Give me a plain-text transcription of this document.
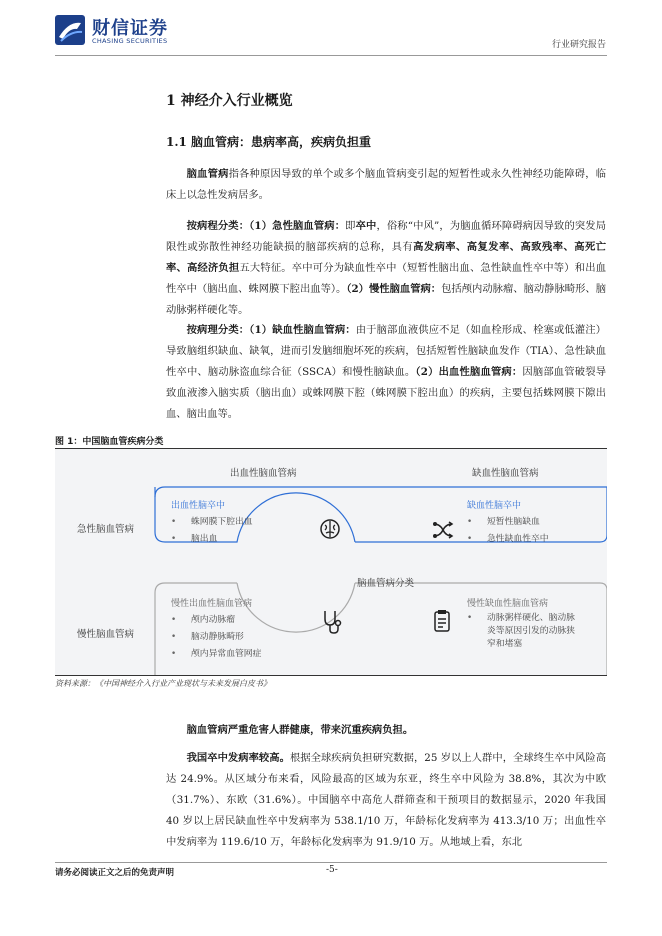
财信证券
CHASING SECURITIES	行业研究报告
1 神经介入行业概览
1.1 脑血管病：患病率高，疾病负担重

脑血管病指各种原因导致的单个或多个脑血管病变引起的短暂性或永久性神经功能障碍，临床上以急性发病居多。

按病程分类：（1）急性脑血管病：即卒中，俗称“中风”，为脑血循环障碍病因导致的突发局限性或弥散性神经功能缺损的脑部疾病的总称，具有高发病率、高复发率、高致残率、高死亡率、高经济负担五大特征。卒中可分为缺血性卒中（短暂性脑出血、急性缺血性卒中等）和出血性卒中（脑出血、蛛网膜下腔出血等）。（2）慢性脑血管病：包括颅内动脉瘤、脑动静脉畸形、脑动脉粥样硬化等。

按病理分类：（1）缺血性脑血管病：由于脑部血液供应不足（如血栓形成、栓塞或低灌注）导致脑组织缺血、缺氧，进而引发脑细胞坏死的疾病，包括短暂性脑缺血发作（TIA）、急性缺血性卒中、脑动脉盗血综合征（SSCA）和慢性脑缺血。（2）出血性脑血管病：因脑部血管破裂导致血液渗入脑实质（脑出血）或蛛网膜下腔（蛛网膜下腔出血）的疾病，主要包括蛛网膜下隙出血、脑出血等。

图 1：中国脑血管疾病分类
出血性脑血管病	缺血性脑血管病
急性脑血管病
慢性脑血管病
脑血管病分类
出血性脑卒中
• 蛛网膜下腔出血
• 脑出血
缺血性脑卒中
• 短暂性脑缺血
• 急性缺血性卒中
慢性出血性脑血管病
• 颅内动脉瘤
• 脑动静脉畸形
• 颅内异常血管网症
慢性缺血性脑血管病
• 动脉粥样硬化、脑动脉
炎等原因引发的动脉狭
窄和堵塞
资料来源：《中国神经介入行业产业现状与未来发展白皮书》

脑血管病严重危害人群健康，带来沉重疾病负担。

我国卒中发病率较高。根据全球疾病负担研究数据，25 岁以上人群中，全球终生卒中风险高达 24.9%。从区域分布来看，风险最高的区域为东亚，终生卒中风险为 38.8%，其次为中欧（31.7%）、东欧（31.6%）。中国脑卒中高危人群筛查和干预项目的数据显示，2020 年我国 40 岁以上居民缺血性卒中发病率为 538.1/10 万，年龄标化发病率为 413.3/10 万；出血性卒中发病率为 119.6/10 万，年龄标化发病率为 91.9/10 万。从地域上看，东北

请务必阅读正文之后的免责声明	-5-
